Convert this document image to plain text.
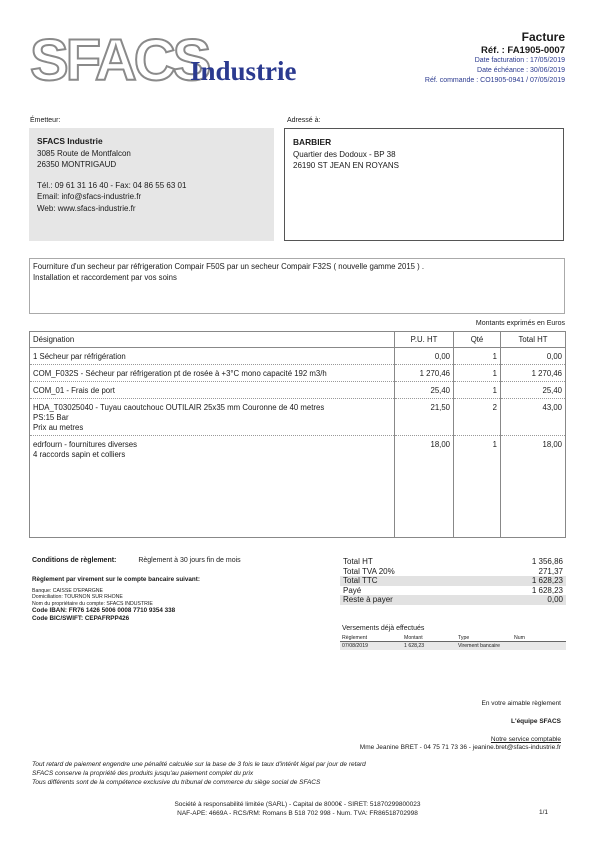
SFACS
Industrie
Facture
Réf. : FA1905-0007
Date facturation : 17/05/2019
Date échéance : 30/06/2019
Réf. commande : CO1905-0941 / 07/05/2019
Émetteur:	Adressé à:
SFACS Industrie
3085 Route de Montfalcon
26350 MONTRIGAUD
Tél.: 09 61 31 16 40 - Fax: 04 86 55 63 01
Email: info@sfacs-industrie.fr
Web: www.sfacs-industrie.fr
BARBIER
Quartier des Dodoux - BP 38
26190 ST JEAN EN ROYANS
Fourniture d'un secheur par réfrigeration Compair F50S par un secheur Compair F32S ( nouvelle gamme 2015 ) .
Installation et raccordement par vos soins
Montants exprimés en Euros
Désignation	P.U. HT	Qté	Total HT

1 Sécheur par réfrigération	0,00	1	0,00

COM_F032S - Sécheur par réfrigeration pt de rosée à +3°C mono capacité 192 m3/h	1 270,46	1	1 270,46

COM_01 - Frais de port	25,40	1	25,40

HDA_T03025040 - Tuyau caoutchouc OUTILAIR 25x35 mm Couronne de 40 metres
PS:15 Bar
Prix au metres	21,50	2	43,00

edrfourn - fournitures diverses
4 raccords sapin et colliers	18,00	1	18,00
Conditions de règlement:	Règlement à 30 jours fin de mois
Règlement par virement sur le compte bancaire suivant:
Banque: CAISSE D'EPARGNE
Domiciliation: TOURNON SUR RHONE
Nom du propriétaire du compte: SFACS INDUSTRIE
Code IBAN: FR76 1426 5006 0008 7710 9354 338
Code BIC/SWIFT: CEPAFRPP426
Total HT	1 356,86
Total TVA 20%	271,37
Total TTC	1 628,23
Payé	1 628,23
Reste à payer	0,00
Versements déjà effectués
Règlement	Montant	Type	Num
07/08/2019	1 628,23	Virement bancaire	
En votre aimable règlement
L'équipe SFACS
Notre service comptable
Mme Jeanine BRET - 04 75 71 73 36 - jeanine.bret@sfacs-industrie.fr
Tout retard de paiement engendre une pénalité calculée sur la base de 3 fois le taux d'intérêt légal par jour de retard
SFACS conserve la propriété des produits jusqu'au paiement complet du prix
Tous différents sont de la compétence exclusive du tribunal de commerce du siège social de SFACS
Société à responsabilité limitée (SARL) - Capital de 8000€ - SIRET: 51870299800023
NAF-APE: 4669A - RCS/RM: Romans B 518 702 998 - Num. TVA: FR86518702998	1/1
